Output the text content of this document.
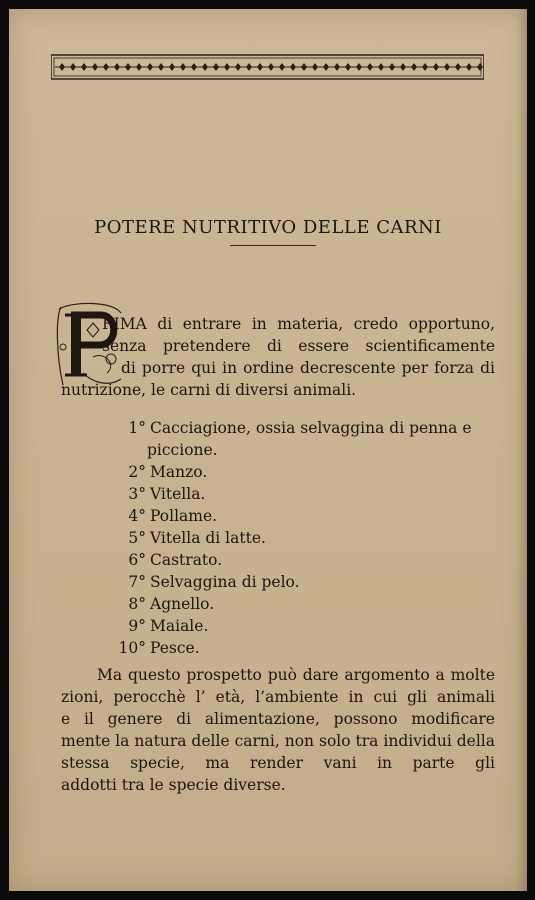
POTERE NUTRITIVO DELLE CARNI
RIMA di entrare in materia, credo opportuno,
senza pretendere di essere scientificamente
di porre qui in ordine decrescente per forza di
nutrizione, le carni di diversi animali.
1° Cacciagione, ossia selvaggina di penna e
piccione.
2° Manzo.
3° Vitella.
4° Pollame.
5° Vitella di latte.
6° Castrato.
7° Selvaggina di pelo.
8° Agnello.
9° Maiale.
10° Pesce.
Ma questo prospetto può dare argomento a molte
zioni, perocchè l’ età, l’ambiente in cui gli animali
e il genere di alimentazione, possono modificare
mente la natura delle carni, non solo tra individui della
stessa specie, ma render vani in parte gli
addotti tra le specie diverse.
